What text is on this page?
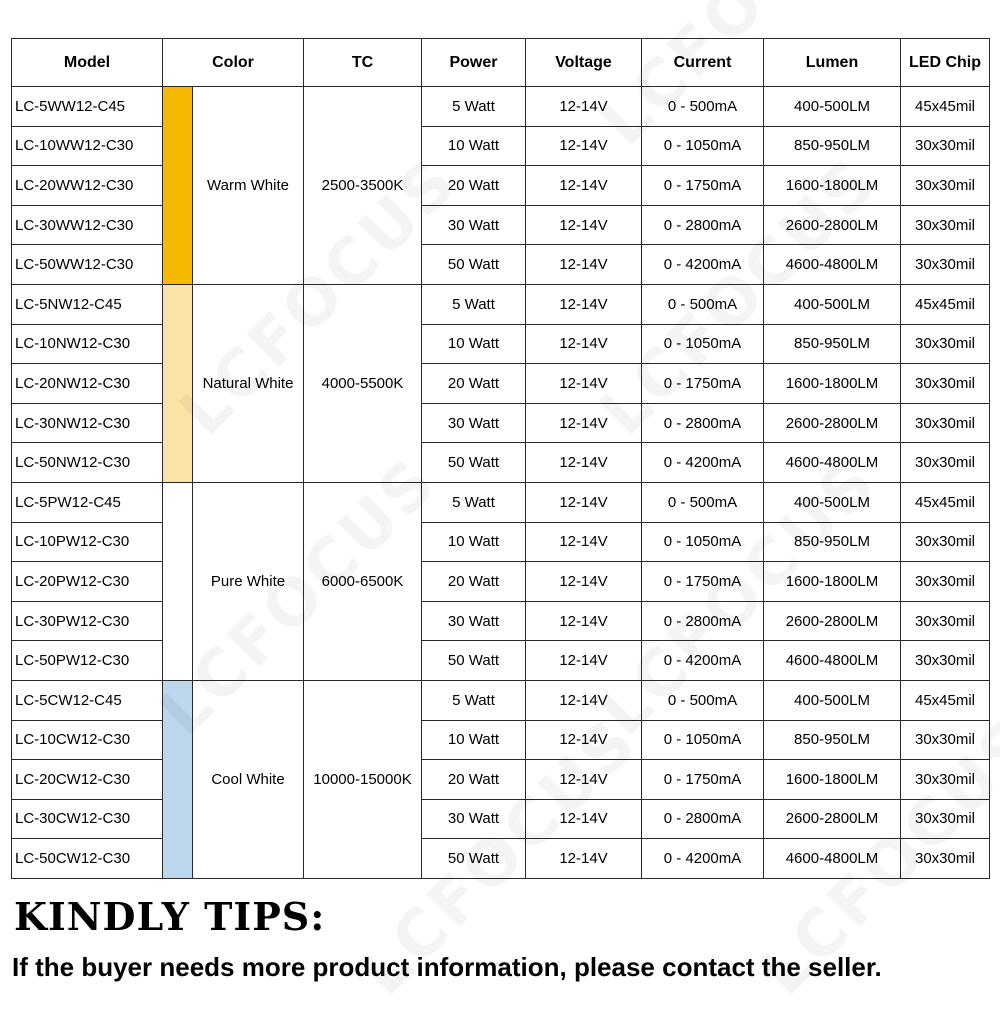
Model	Color		TC	Power	Voltage	Current	Lumen	LED Chip
LC-5WW12-C45		Warm White	2500-3500K	5 Watt	12-14V	0 - 500mA	400-500LM	45x45mil
LC-10WW12-C30				10 Watt	12-14V	0 - 1050mA	850-950LM	30x30mil
LC-20WW12-C30				20 Watt	12-14V	0 - 1750mA	1600-1800LM	30x30mil
LC-30WW12-C30				30 Watt	12-14V	0 - 2800mA	2600-2800LM	30x30mil
LC-50WW12-C30				50 Watt	12-14V	0 - 4200mA	4600-4800LM	30x30mil
LC-5NW12-C45		Natural White	4000-5500K	5 Watt	12-14V	0 - 500mA	400-500LM	45x45mil
LC-10NW12-C30				10 Watt	12-14V	0 - 1050mA	850-950LM	30x30mil
LC-20NW12-C30				20 Watt	12-14V	0 - 1750mA	1600-1800LM	30x30mil
LC-30NW12-C30				30 Watt	12-14V	0 - 2800mA	2600-2800LM	30x30mil
LC-50NW12-C30				50 Watt	12-14V	0 - 4200mA	4600-4800LM	30x30mil
LC-5PW12-C45		Pure White	6000-6500K	5 Watt	12-14V	0 - 500mA	400-500LM	45x45mil
LC-10PW12-C30				10 Watt	12-14V	0 - 1050mA	850-950LM	30x30mil
LC-20PW12-C30				20 Watt	12-14V	0 - 1750mA	1600-1800LM	30x30mil
LC-30PW12-C30				30 Watt	12-14V	0 - 2800mA	2600-2800LM	30x30mil
LC-50PW12-C30				50 Watt	12-14V	0 - 4200mA	4600-4800LM	30x30mil
LC-5CW12-C45		Cool White	10000-15000K	5 Watt	12-14V	0 - 500mA	400-500LM	45x45mil
LC-10CW12-C30				10 Watt	12-14V	0 - 1050mA	850-950LM	30x30mil
LC-20CW12-C30				20 Watt	12-14V	0 - 1750mA	1600-1800LM	30x30mil
LC-30CW12-C30				30 Watt	12-14V	0 - 2800mA	2600-2800LM	30x30mil
LC-50CW12-C30				50 Watt	12-14V	0 - 4200mA	4600-4800LM	30x30mil
KINDLY TIPS:

If the buyer needs more product information, please contact the seller.
